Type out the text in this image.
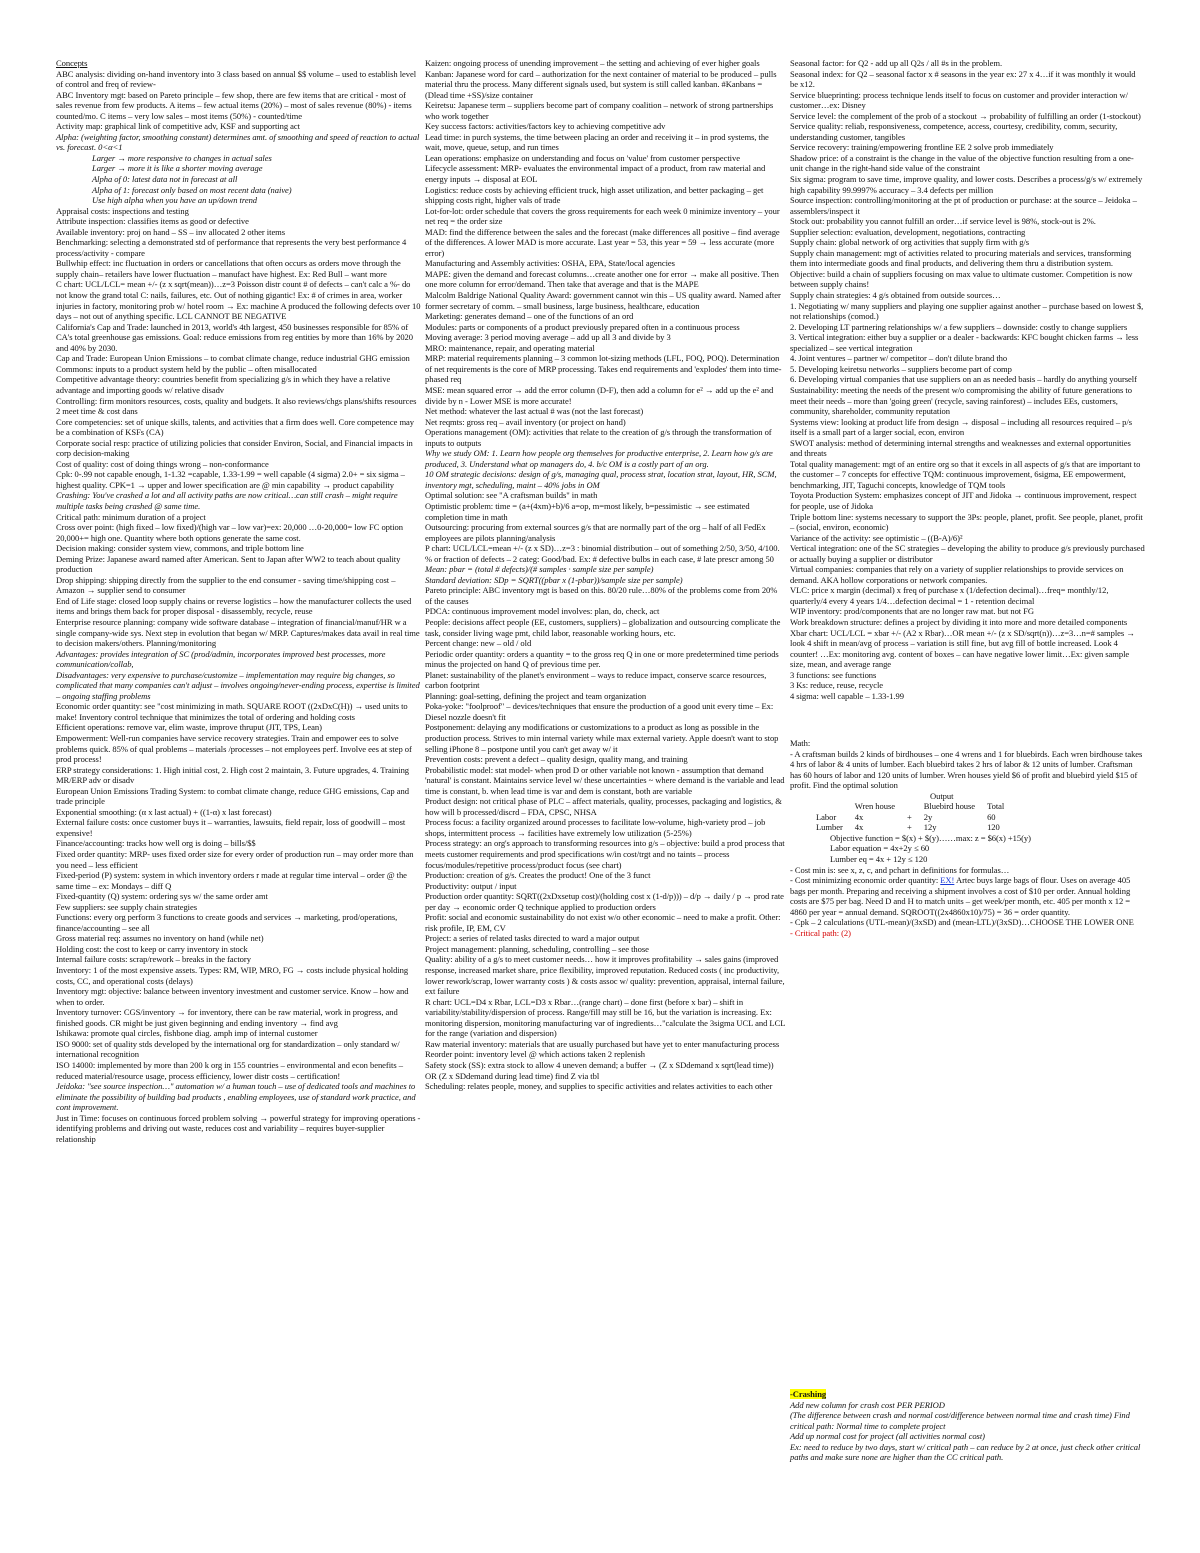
Concepts

ABC analysis: dividing on-hand inventory into 3 class based on annual $$ volume – used to establish level of control and freq of review-

ABC Inventory mgt: based on Pareto principle – few shop, there are few items that are critical - most of sales revenue from few products. A items – few actual items (20%) – most of sales revenue (80%) - items counted/mo. C items – very low sales – most items (50%) - counted/time

Activity map: graphical link of competitive adv, KSF and supporting act

Alpha: (weighting factor, smoothing constant) determines amt. of smoothing and speed of reaction to actual vs. forecast. 0<α<1

Larger → more responsive to changes in actual sales

Larger → more it is like a shorter moving average

Alpha of 0: latest data not in forecast at all

Alpha of 1: forecast only based on most recent data (naive)

Use high alpha when you have an up/down trend

Appraisal costs: inspections and testing

Attribute inspection: classifies items as good or defective

Available inventory: proj on hand – SS – inv allocated 2 other items

Benchmarking: selecting a demonstrated std of performance that represents the very best performance 4 process/activity - compare

Bullwhip effect: inc fluctuation in orders or cancellations that often occurs as orders move through the supply chain– retailers have lower fluctuation – manufact have highest. Ex: Red Bull – want more

C chart: UCL/LCL= mean +/- (z x sqrt(mean))…z=3 Poisson distr count # of defects – can't calc a %- do not know the grand total C: nails, failures, etc. Out of nothing gigantic! Ex: # of crimes in area, worker injuries in factory, monitoring prob w/ hotel room → Ex: machine A produced the following defects over 10 days – not out of anything specific. LCL CANNOT BE NEGATIVE

California's Cap and Trade: launched in 2013, world's 4th largest, 450 businesses responsible for 85% of CA's total greenhouse gas emissions. Goal: reduce emissions from reg entities by more than 16% by 2020 and 40% by 2030.

Cap and Trade: European Union Emissions – to combat climate change, reduce industrial GHG emission

Commons: inputs to a product system held by the public – often misallocated

Competitive advantage theory: countries benefit from specializing g/s in which they have a relative advantage and importing goods w/ relative disadv

Controlling: firm monitors resources, costs, quality and budgets. It also reviews/chgs plans/shifts resources 2 meet time & cost dans

Core competencies: set of unique skills, talents, and activities that a firm does well. Core competence may be a combination of KSFs (CA)

Corporate social resp: practice of utilizing policies that consider Environ, Social, and Financial impacts in corp decision-making

Cost of quality: cost of doing things wrong – non-conformance

Cpk: 0-.99 not capable enough, 1-1.32 =capable, 1.33-1.99 = well capable (4 sigma) 2.0+ = six sigma – highest quality. CPK=1 → upper and lower specification are @ min capability → product capability

Crashing: You've crashed a lot and all activity paths are now critical…can still crash – might require multiple tasks being crashed @ same time.

Critical path: minimum duration of a project

Cross over point: (high fixed – low fixed)/(high var – low var)=ex: 20,000 …0-20,000= low FC option 20,000+= high one. Quantity where both options generate the same cost.

Decision making: consider system view, commons, and triple bottom line

Deming Prize: Japanese award named after American. Sent to Japan after WW2 to teach about quality production

Drop shipping: shipping directly from the supplier to the end consumer - saving time/shipping cost – Amazon → supplier send to consumer

End of Life stage: closed loop supply chains or reverse logistics – how the manufacturer collects the used items and brings them back for proper disposal - disassembly, recycle, reuse

Enterprise resource planning: company wide software database – integration of financial/manuf/HR w a single company-wide sys. Next step in evolution that began w/ MRP. Captures/makes data avail in real time to decision makers/others. Planning/monitoring

Advantages: provides integration of SC (prod/admin, incorporates improved best processes, more communication/collab,

Disadvantages: very expensive to purchase/customize – implementation may require big changes, so complicated that many companies can't adjust – involves ongoing/never-ending process, expertise is limited – ongoing staffing problems

Economic order quantity: see "cost minimizing in math. SQUARE ROOT ((2xDxC(H)) → used units to make! Inventory control technique that minimizes the total of ordering and holding costs

Efficient operations: remove var, elim waste, improve thruput (JIT, TPS, Lean)

Empowerment: Well-run companies have service recovery strategies. Train and empower ees to solve problems quick. 85% of qual problems – materials /processes – not employees perf. Involve ees at step of prod process!

ERP strategy considerations: 1. High initial cost, 2. High cost 2 maintain, 3. Future upgrades, 4. Training MR/ERP adv or disadv

European Union Emissions Trading System: to combat climate change, reduce GHG emissions, Cap and trade principle

Exponential smoothing: (α x last actual) + ((1-α) x last forecast)

External failure costs: once customer buys it – warranties, lawsuits, field repair, loss of goodwill – most expensive!

Finance/accounting: tracks how well org is doing – bills/$$

Fixed order quantity: MRP- uses fixed order size for every order of production run – may order more than you need – less efficient

Fixed-period (P) system: system in which inventory orders r made at regular time interval – order @ the same time – ex: Mondays – diff Q

Fixed-quantity (Q) system: ordering sys w/ the same order amt

Few suppliers: see supply chain strategies

Functions: every org perform 3 functions to create goods and services → marketing, prod/operations, finance/accounting – see all

Gross material req: assumes no inventory on hand (while net)

Holding cost: the cost to keep or carry inventory in stock

Internal failure costs: scrap/rework – breaks in the factory

Inventory: 1 of the most expensive assets. Types: RM, WIP, MRO, FG → costs include physical holding costs, CC, and operational costs (delays)

Inventory mgt: objective: balance between inventory investment and customer service. Know – how and when to order.

Inventory turnover: CGS/inventory → for inventory, there can be raw material, work in progress, and finished goods. CR might be just given beginning and ending inventory → find avg

Ishikawa: promote qual circles, fishbone diag. amph imp of internal customer

ISO 9000: set of quality stds developed by the international org for standardization – only standard w/ international recognition

ISO 14000: implemented by more than 200 k org in 155 countries – environmental and econ benefits – reduced material/resource usage, process efficiency, lower distr costs – certification!

Jeidoka: "see source inspection…" automation w/ a human touch – use of dedicated tools and machines to eliminate the possibility of building bad products , enabling employees, use of standard work practice, and cont improvement.

Just in Time: focuses on continuous forced problem solving → powerful strategy for improving operations -identifying problems and driving out waste, reduces cost and variability – requires buyer-supplier relationship

Kaizen: ongoing process of unending improvement – the setting and achieving of ever higher goals

Kanban: Japanese word for card – authorization for the next container of material to be produced – pulls material thru the process. Many different signals used, but system is still called kanban. #Kanbans = (Dlead time +SS)/size container

Keiretsu: Japanese term – suppliers become part of company coalition – network of strong partnerships who work together

Key success factors: activities/factors key to achieving competitive adv

Lead time: in purch systems, the time between placing an order and receiving it – in prod systems, the wait, move, queue, setup, and run times

Lean operations: emphasize on understanding and focus on 'value' from customer perspective

Lifecycle assessment: MRP- evaluates the environmental impact of a product, from raw material and energy inputs → disposal at EOL

Logistics: reduce costs by achieving efficient truck, high asset utilization, and better packaging – get shipping costs right, higher vals of trade

Lot-for-lot: order schedule that covers the gross requirements for each week 0 minimize inventory – your net req = the order size

MAD: find the difference between the sales and the forecast (make differences all positive – find average of the differences. A lower MAD is more accurate. Last year = 53, this year = 59 → less accurate (more error)

Manufacturing and Assembly activities: OSHA, EPA, State/local agencies

MAPE: given the demand and forecast columns…create another one for error → make all positive. Then one more column for error/demand. Then take that average and that is the MAPE

Malcolm Baldrige National Quality Award: government cannot win this – US quality award. Named after former secretary of comm. – small business, large business, healthcare, education

Marketing: generates demand – one of the functions of an ord

Modules: parts or components of a product previously prepared often in a continuous process

Moving average: 3 period moving average – add up all 3 and divide by 3

MRO: maintenance, repair, and operating material

MRP: material requirements planning – 3 common lot-sizing methods (LFL, FOQ, POQ). Determination of net requirements is the core of MRP processing. Takes end requirements and 'explodes' them into time-phased req

MSE: mean squared error → add the error column (D-F), then add a column for e² → add up the e² and divide by n - Lower MSE is more accurate!

Net method: whatever the last actual # was (not the last forecast)

Net reqmts: gross req – avail inventory (or project on hand)

Operations management (OM): activities that relate to the creation of g/s through the transformation of inputs to outputs

Why we study OM: 1. Learn how people org themselves for productive enterprise, 2. Learn how g/s are produced, 3. Understand what op managers do, 4. b/c OM is a costly part of an org.

10 OM strategic decisions: design of g/s, managing qual, process strat, location strat, layout, HR, SCM, inventory mgt, scheduling, maint – 40% jobs in OM

Optimal solution: see "A craftsman builds" in math

Optimistic problem: time = (a+(4xm)+b)/6 a=op, m=most likely, b=pessimistic → see estimated completion time in math

Outsourcing: procuring from external sources g/s that are normally part of the org – half of all FedEx employees are pilots planning/analysis

P chart: UCL/LCL=mean +/- (z x SD)…z=3 : binomial distribution – out of something 2/50, 3/50, 4/100. % or fraction of defects – 2 categ: Good/bad. Ex: # defective bulbs in each case, # late prescr among 50

Mean: pbar = (total # defects)/(# samples · sample size per sample)

Standard deviation: SDp = SQRT((pbar x (1-pbar))/sample size per sample)

Pareto principle: ABC inventory mgt is based on this. 80/20 rule…80% of the problems come from 20% of the causes

PDCA: continuous improvement model involves: plan, do, check, act

People: decisions affect people (EE, customers, suppliers) – globalization and outsourcing complicate the task, consider living wage pmt, child labor, reasonable working hours, etc.

Percent change: new – old / old

Periodic order quantity: orders a quantity = to the gross req Q in one or more predetermined time periods minus the projected on hand Q of previous time per.

Planet: sustainability of the planet's environment – ways to reduce impact, conserve scarce resources, carbon footprint

Planning: goal-setting, defining the project and team organization

Poka-yoke: "foolproof" – devices/techniques that ensure the production of a good unit every time – Ex: Diesel nozzle doesn't fit

Postponement: delaying any modifications or customizations to a product as long as possible in the production process. Strives to min internal variety while max external variety. Apple doesn't want to stop selling iPhone 8 – postpone until you can't get away w/ it

Prevention costs: prevent a defect – quality design, quality mang, and training

Probabilistic model: stat model- when prod D or other variable not known - assumption that demand 'natural' is constant. Maintains service level w/ these uncertainties ~ where demand is the variable and lead time is constant, b. when lead time is var and dem is constant, both are variable

Product design: not critical phase of PLC – affect materials, quality, processes, packaging and logistics, & how will b processed/discrd – FDA, CPSC, NHSA

Process focus: a facility organized around processes to facilitate low-volume, high-variety prod – job shops, intermittent process → facilities have extremely low utilization (5-25%)

Process strategy: an org's approach to transforming resources into g/s – objective: build a prod process that meets customer requirements and prod specifications w/in cost/trgt and no taints – process focus/modules/repetitive process/product focus (see chart)

Production: creation of g/s. Creates the product! One of the 3 funct

Productivity: output / input

Production order quantity: SQRT((2xDxsetup cost)/(holding cost x (1-d/p))) – d/p → daily / p → prod rate per day → economic order Q technique applied to production orders

Profit: social and economic sustainability do not exist w/o other economic – need to make a profit. Other: risk profile, IP, EM, CV

Project: a series of related tasks directed to ward a major output

Project management: planning, scheduling, controlling – see those

Quality: ability of a g/s to meet customer needs… how it improves profitability → sales gains (improved response, increased market share, price flexibility, improved reputation. Reduced costs ( inc productivity, lower rework/scrap, lower warranty costs ) & costs assoc w/ quality: prevention, appraisal, internal failure, ext failure

R chart: UCL=D4 x Rbar, LCL=D3 x Rbar…(range chart) – done first (before x bar) – shift in variability/stability/dispersion of process. Range/fill may still be 16, but the variation is increasing. Ex: monitoring dispersion, monitoring manufacturing var of ingredients…"calculate the 3sigma UCL and LCL for the range (variation and dispersion)

Raw material inventory: materials that are usually purchased but have yet to enter manufacturing process

Reorder point: inventory level @ which actions taken 2 replenish

Safety stock (SS): extra stock to allow 4 uneven demand; a buffer → (Z x SDdemand x sqrt(lead time)) OR (Z x SDdemand during lead time) find Z via tbl

Scheduling: relates people, money, and supplies to specific activities and relates activities to each other

Seasonal factor: for Q2 - add up all Q2s / all #s in the problem.

Seasonal index: for Q2 – seasonal factor x # seasons in the year ex: 27 x 4…if it was monthly it would be x12.

Service blueprinting: process technique lends itself to focus on customer and provider interaction w/ customer…ex: Disney

Service level: the complement of the prob of a stockout → probability of fulfilling an order (1-stockout)

Service quality: reliab, responsiveness, competence, access, courtesy, credibility, comm, security, understanding customer, tangibles

Service recovery: training/empowering frontline EE 2 solve prob immediately

Shadow price: of a constraint is the change in the value of the objective function resulting from a one-unit change in the right-hand side value of the constraint

Six sigma: program to save time, improve quality, and lower costs. Describes a process/g/s w/ extremely high capability 99.9997% accuracy – 3.4 defects per million

Source inspection: controlling/monitoring at the pt of production or purchase: at the source – Jeidoka – assemblers/inspect it

Stock out: probability you cannot fulfill an order…if service level is 98%, stock-out is 2%.

Supplier selection: evaluation, development, negotiations, contracting

Supply chain: global network of org activities that supply firm with g/s

Supply chain management: mgt of activities related to procuring materials and services, transforming them into intermediate goods and final products, and delivering them thru a distribution system.

Objective: build a chain of suppliers focusing on max value to ultimate customer. Competition is now between supply chains!

Supply chain strategies: 4 g/s obtained from outside sources…

1. Negotiating w/ many suppliers and playing one supplier against another – purchase based on lowest $, not relationships (comod.)

2. Developing LT partnering relationships w/ a few suppliers – downside: costly to change suppliers

3. Vertical integration: either buy a supplier or a dealer - backwards: KFC bought chicken farms → less specialized – see vertical integration

4. Joint ventures – partner w/ competitor – don't dilute brand tho

5. Developing keiretsu networks – suppliers become part of comp

6. Developing virtual companies that use suppliers on an as needed basis – hardly do anything yourself

Sustainability: meeting the needs of the present w/o compromising the ability of future generations to meet their needs – more than 'going green' (recycle, saving rainforest) – includes EEs, customers, community, shareholder, community reputation

Systems view: looking at product life from design → disposal – including all resources required – p/s itself is a small part of a larger social, econ, environ

SWOT analysis: method of determining internal strengths and weaknesses and external opportunities and threats

Total quality management: mgt of an entire org so that it excels in all aspects of g/s that are important to the customer – 7 concepts for effective TQM: continuous improvement, 6sigma, EE empowerment, benchmarking, JIT, Taguchi concepts, knowledge of TQM tools

Toyota Production System: emphasizes concept of JIT and Jidoka → continuous improvement, respect for people, use of Jidoka

Triple bottom line: systems necessary to support the 3Ps: people, planet, profit. See people, planet, profit – (social, environ, economic)

Variance of the activity: see optimistic – ((B-A)/6)²

Vertical integration: one of the SC strategies – developing the ability to produce g/s previously purchased or actually buying a supplier or distributor

Virtual companies: companies that rely on a variety of supplier relationships to provide services on demand. AKA hollow corporations or network companies.

VLC: price x margin (decimal) x freq of purchase x (1/defection decimal)…freq= monthly/12, quarterly/4 every 4 years 1/4…defection decimal = 1 - retention decimal

WIP inventory: prod/components that are no longer raw mat. but not FG

Work breakdown structure: defines a project by dividing it into more and more detailed components

Xbar chart: UCL/LCL = xbar +/- (A2 x Rbar)…OR mean +/- (z x SD/sqrt(n))…z=3…n=# samples → look 4 shift in mean/avg of process – variation is still fine, but avg fill of bottle increased. Look 4 counter! …Ex: monitoring avg. content of boxes – can have negative lower limit…Ex: given sample size, mean, and average range

3 functions: see functions

3 Ks: reduce, reuse, recycle

4 sigma: well capable – 1.33-1.99

Math:

- A craftsman builds 2 kinds of birdhouses – one 4 wrens and 1 for bluebirds. Each wren birdhouse takes 4 hrs of labor & 4 units of lumber. Each bluebird takes 2 hrs of labor & 12 units of lumber. Craftsman has 60 hours of labor and 120 units of lumber. Wren houses yield $6 of profit and bluebird yield $15 of profit. Find the optimal solution

Output

	Wren house		Bluebird house	Total
Labor	4x	+	2y	60
Lumber	4x	+	12y	120

Objective function = $(x) + $(y)……max: z = $6(x) +15(y)

Labor equation = 4x+2y ≤ 60

Lumber eq = 4x + 12y ≤ 120

- Cost min is: see x, z, c, and pchart in definitions for formulas…

- Cost minimizing economic order quantity: EX! Artec buys large bags of flour. Uses on average 405 bags per month. Preparing and receiving a shipment involves a cost of $10 per order. Annual holding costs are $75 per bag. Need D and H to match units – get week/per month, etc. 405 per month x 12 = 4860 per year = annual demand. SQROOT((2x4860x10)/75) = 36 = order quantity.

- Cpk – 2 calculations (UTL-mean)/(3xSD) and (mean-LTL)/(3xSD)…CHOOSE THE LOWER ONE

- Critical path: (2)

-Crashing

Add new column for crash cost PER PERIOD

(The difference between crash and normal cost/difference between normal time and crash time) Find critical path: Normal time to complete project

Add up normal cost for project (all activities normal cost)

Ex: need to reduce by two days, start w/ critical path – can reduce by 2 at once, just check other critical paths and make sure none are higher than the CC critical path.
